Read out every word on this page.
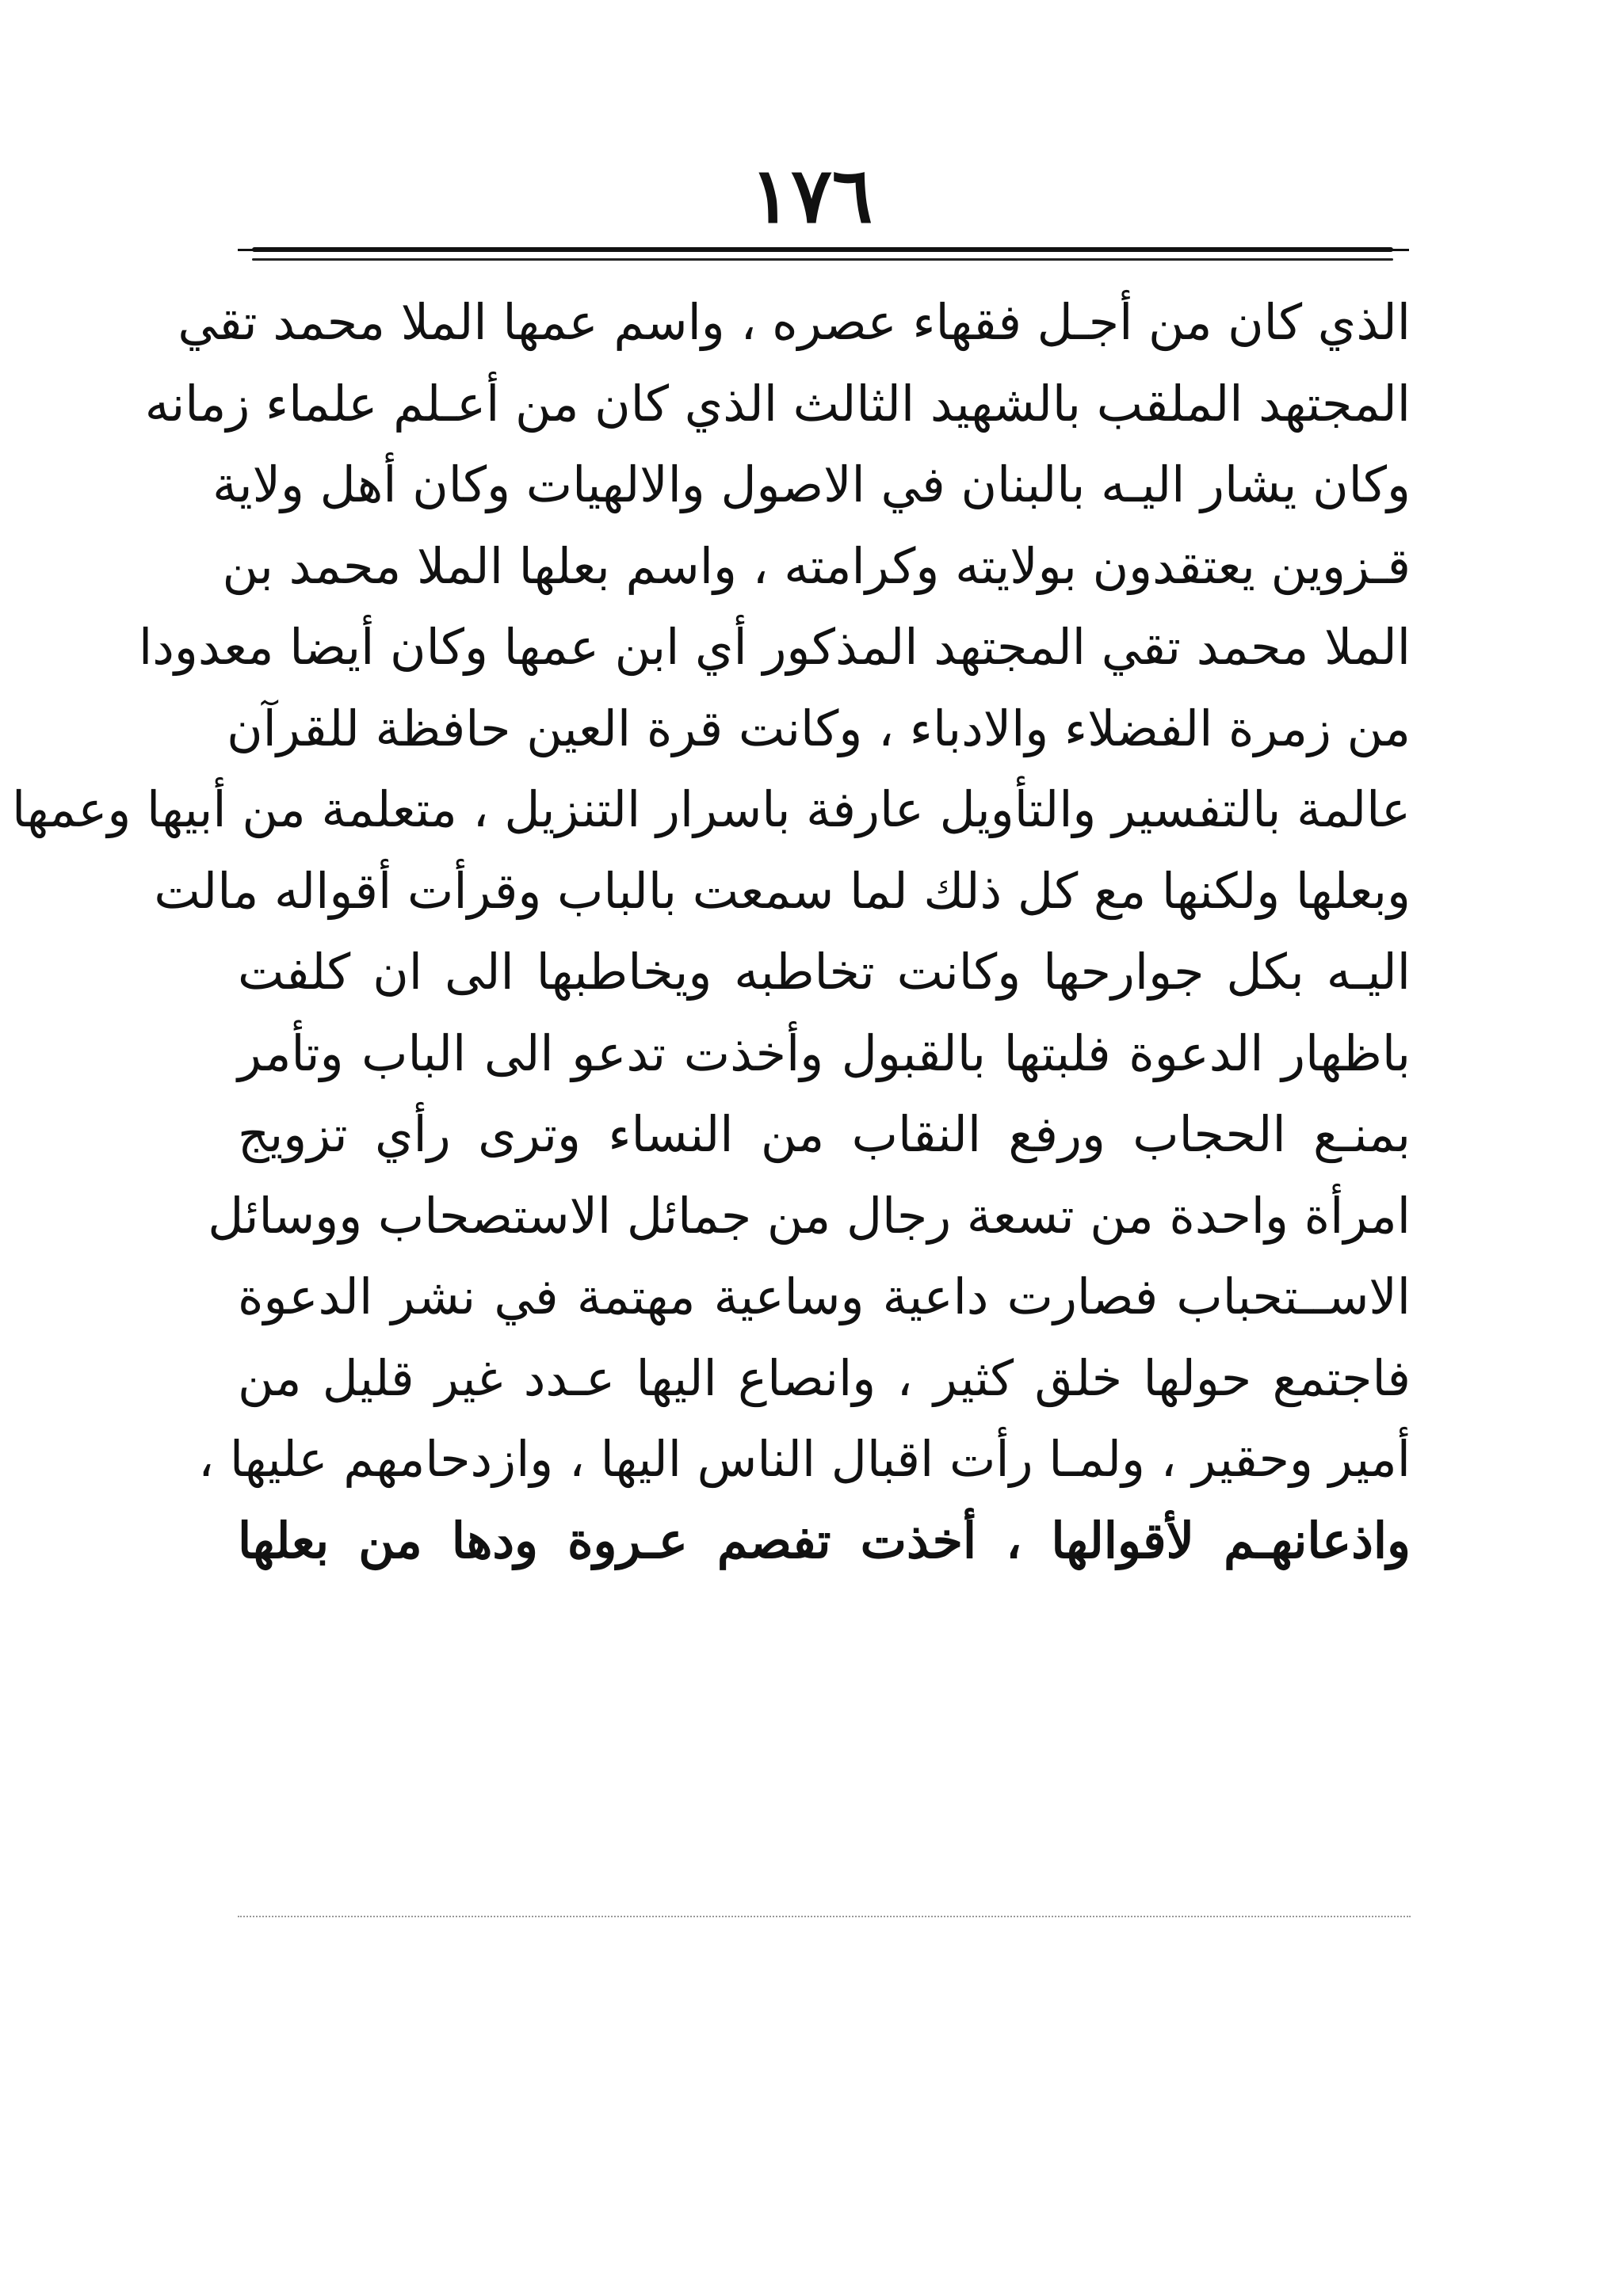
١٧٦
الذي كان من أجـل فقهاء عصره ، واسم عمها الملا محمد تقي
المجتهد الملقب بالشهيد الثالث الذي كان من أعـلم علماء زمانه
وكان يشار اليـه بالبنان في الاصول والالهيات وكان أهل ولاية
قـزوين يعتقدون بولايته وكرامته ، واسم بعلها الملا محمد بن
الملا محمد تقي المجتهد المذكور أي ابن عمها وكان أيضا معدودا
من زمرة الفضلاء والادباء ، وكانت قرة العين حافظة للقرآن
عالمة بالتفسير والتأويل عارفة باسرار التنزيل ، متعلمة من أبيها وعمها
وبعلها ولكنها مع كل ذلك لما سمعت بالباب وقرأت أقواله مالت
اليـه بكل جوارحها وكانت تخاطبه ويخاطبها الى ان كلفت
باظهار الدعوة فلبتها بالقبول وأخذت تدعو الى الباب وتأمر
بمنـع الحجاب ورفع النقاب من النساء وترى رأي تزويج
امرأة واحدة من تسعة رجال من جمائل الاستصحاب ووسائل
الاســتحباب فصارت داعية وساعية مهتمة في نشر الدعوة
فاجتمع حولها خلق كثير ، وانصاع اليها عـدد غير قليل من
أمير وحقير ، ولمـا رأت اقبال الناس اليها ، وازدحامهم عليها ،
واذعانهـم لأقوالها ، أخذت تفصم عـروة ودها من بعلها
